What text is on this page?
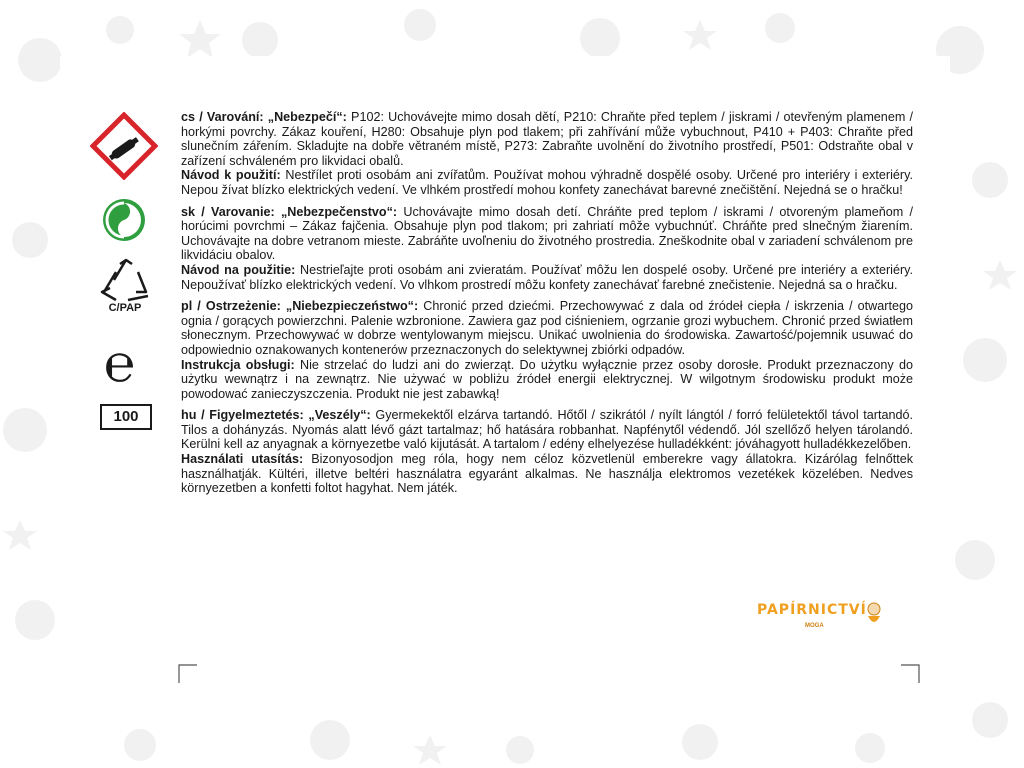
C/PAP
℮
100

cs / Varování: „Nebezpečí“: P102: Uchovávejte mimo dosah dětí, P210: Chraňte před teplem / jiskrami / otevřeným plamenem / horkými povrchy. Zákaz kouření, H280: Obsahuje plyn pod tlakem; při zahřívání může vybuchnout, P410 + P403: Chraňte před slunečním zářením. Skladujte na dobře větraném místě, P273: Zabraňte uvolnění do životního prostředí, P501: Odstraňte obal v zařízení schváleném pro likvidaci obalů.

Návod k použití: Nestřílet proti osobám ani zvířatům. Používat mohou výhradně dospělé osoby. Určené pro interiéry i exteriéry. Nepou žívat blízko elektrických vedení. Ve vlhkém prostředí mohou konfety zanechávat barevné znečištění. Nejedná se o hračku!

sk / Varovanie: „Nebezpečenstvo“: Uchovávajte mimo dosah detí. Chráňte pred teplom / iskrami / otvoreným plameňom / horúcimi povrchmi – Zákaz fajčenia. Obsahuje plyn pod tlakom; pri zahriatí môže vybuchnúť. Chráňte pred slnečným žiarením. Uchovávajte na dobre vetranom mieste. Zabráňte uvoľneniu do životného prostredia. Zneškodnite obal v zariadení schválenom pre likvidáciu obalov.

Návod na použitie: Nestrieľajte proti osobám ani zvieratám. Používať môžu len dospelé osoby. Určené pre interiéry a exteriéry. Nepoužívať blízko elektrických vedení. Vo vlhkom prostredí môžu konfety zanechávať farebné znečistenie. Nejedná sa o hračku.

pl / Ostrzeżenie: „Niebezpieczeństwo“: Chronić przed dziećmi. Przechowywać z dala od źródeł ciepła / iskrzenia / otwartego ognia / gorących powierzchni. Palenie wzbronione. Zawiera gaz pod ciśnieniem, ogrzanie grozi wybuchem. Chronić przed światłem słonecznym. Przechowywać w dobrze wentylowanym miejscu. Unikać uwolnienia do środowiska. Zawartość/pojemnik usuwać do odpowiednio oznakowanych kontenerów przeznaczonych do selektywnej zbiórki odpadów.

Instrukcja obsługi: Nie strzelać do ludzi ani do zwierząt. Do użytku wyłącznie przez osoby dorosłe. Produkt przeznaczony do użytku wewnątrz i na zewnątrz. Nie używać w pobliżu źródeł energii elektrycznej. W wilgotnym środowisku produkt może powodować zanieczyszczenia. Produkt nie jest zabawką!

hu / Figyelmeztetés: „Veszély“: Gyermekektől elzárva tartandó. Hőtől / szikrától / nyílt lángtól / forró felületektől távol tartandó. Tilos a dohányzás. Nyomás alatt lévő gázt tartalmaz; hő hatására robbanhat. Napfénytől védendő. Jól szellőző helyen tárolandó. Kerülni kell az anyagnak a környezetbe való kijutását. A tartalom / edény elhelyezése hulladékként: jóváhagyott hulladékkezelőben.

Használati utasítás: Bizonyosodjon meg róla, hogy nem céloz közvetlenül emberekre vagy állatokra. Kizárólag felnőttek használhatják. Kültéri, illetve beltéri használatra egyaránt alkalmas. Ne használja elektromos vezetékek közelében. Nedves környezetben a konfetti foltot hagyhat. Nem játék.

PAPÍRNICTVÍ
MOGA
